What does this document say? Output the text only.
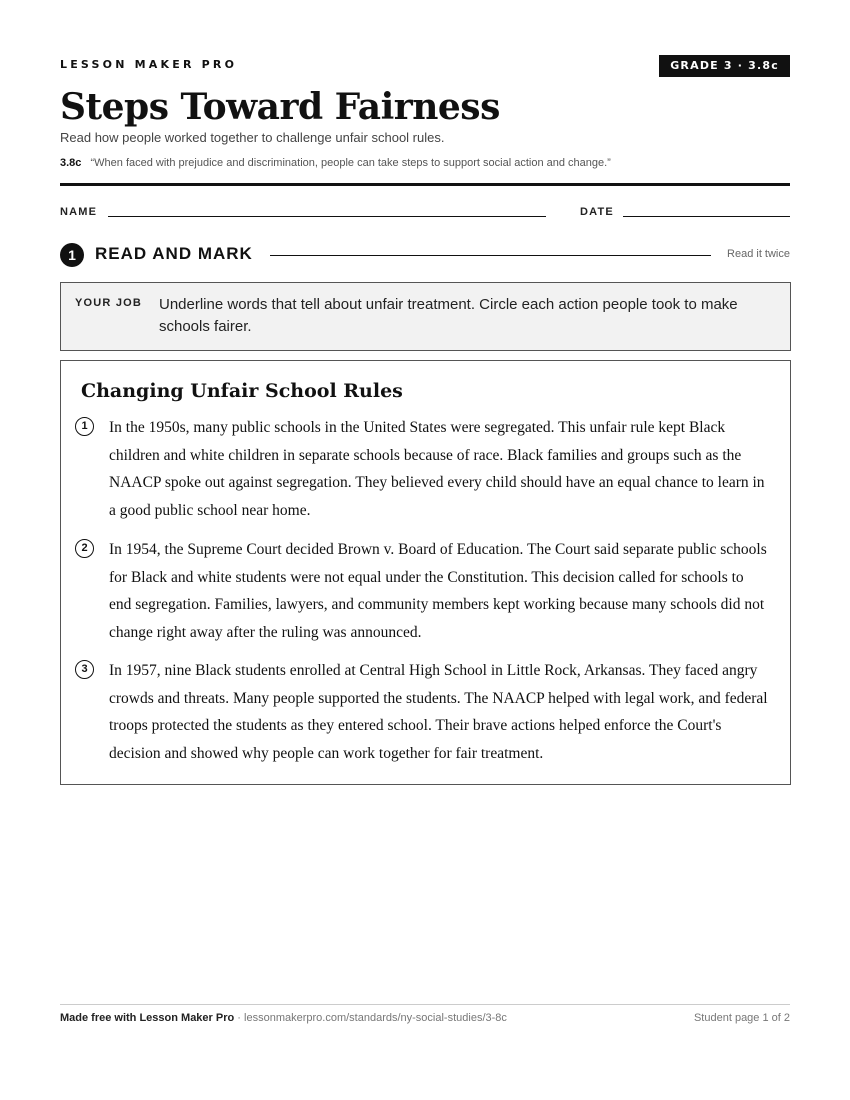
LESSON MAKER PRO	GRADE 3 · 3.8c
Steps Toward Fairness
Read how people worked together to challenge unfair school rules.
3.8c “When faced with prejudice and discrimination, people can take steps to support social action and change.”
NAME	DATE
1	READ AND MARK	Read it twice
YOUR JOB Underline words that tell about unfair treatment. Circle each action people took to make schools fairer.
Changing Unfair School Rules
1	In the 1950s, many public schools in the United States were segregated. This unfair rule kept Black children and white children in separate schools because of race. Black families and groups such as the NAACP spoke out against segregation. They believed every child should have an equal chance to learn in a good public school near home.

2	In 1954, the Supreme Court decided Brown v. Board of Education. The Court said separate public schools for Black and white students were not equal under the Constitution. This decision called for schools to end segregation. Families, lawyers, and community members kept working because many schools did not change right away after the ruling was announced.

3	In 1957, nine Black students enrolled at Central High School in Little Rock, Arkansas. They faced angry crowds and threats. Many people supported the students. The NAACP helped with legal work, and federal troops protected the students as they entered school. Their brave actions helped enforce the Court's decision and showed why people can work together for fair treatment.

Made free with Lesson Maker Pro · lessonmakerpro.com/standards/ny-social-studies/3-8c	Student page 1 of 2
